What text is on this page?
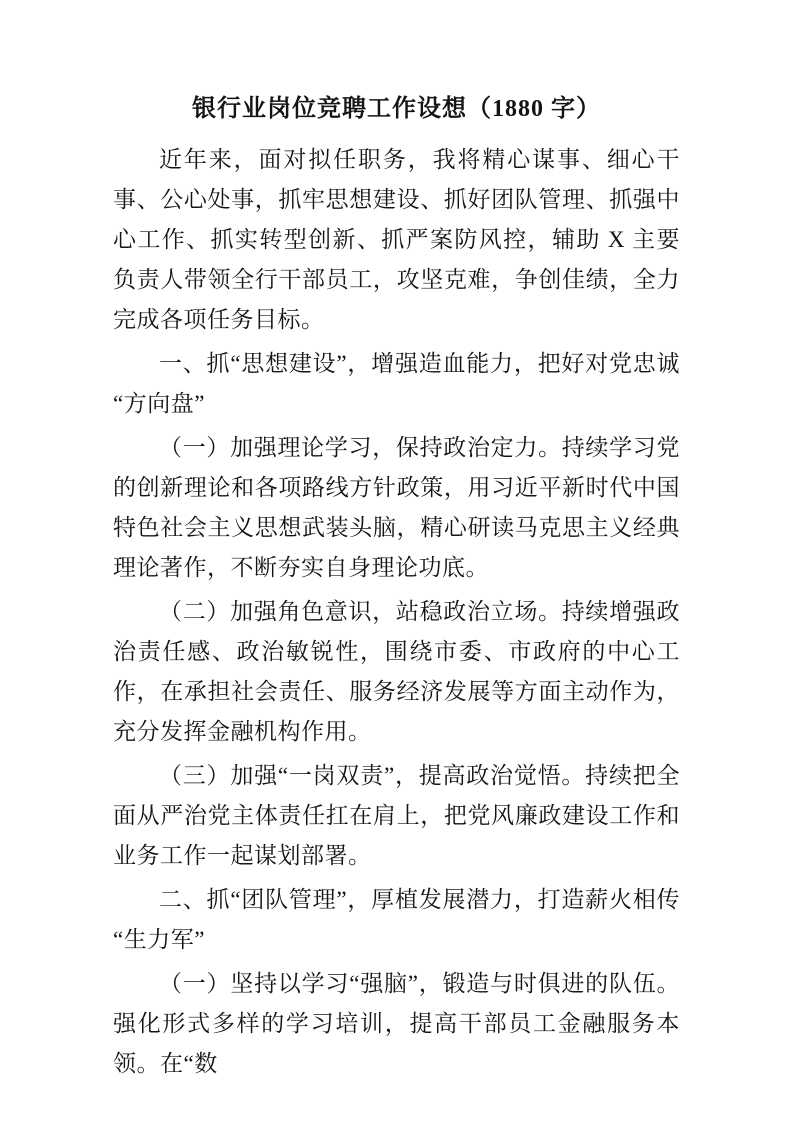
银行业岗位竞聘工作设想（1880 字）

近年来，面对拟任职务，我将精心谋事、细心干事、公心处事，抓牢思想建设、抓好团队管理、抓强中心工作、抓实转型创新、抓严案防风控，辅助 X 主要负责人带领全行干部员工，攻坚克难，争创佳绩，全力完成各项任务目标。

一、抓“思想建设”，增强造血能力，把好对党忠诚“方向盘”

（一）加强理论学习，保持政治定力。持续学习党的创新理论和各项路线方针政策，用习近平新时代中国特色社会主义思想武装头脑，精心研读马克思主义经典理论著作，不断夯实自身理论功底。

（二）加强角色意识，站稳政治立场。持续增强政治责任感、政治敏锐性，围绕市委、市政府的中心工作，在承担社会责任、服务经济发展等方面主动作为，充分发挥金融机构作用。

（三）加强“一岗双责”，提高政治觉悟。持续把全面从严治党主体责任扛在肩上，把党风廉政建设工作和业务工作一起谋划部署。

二、抓“团队管理”，厚植发展潜力，打造薪火相传“生力军”

（一）坚持以学习“强脑”，锻造与时俱进的队伍。强化形式多样的学习培训，提高干部员工金融服务本领。在“数
